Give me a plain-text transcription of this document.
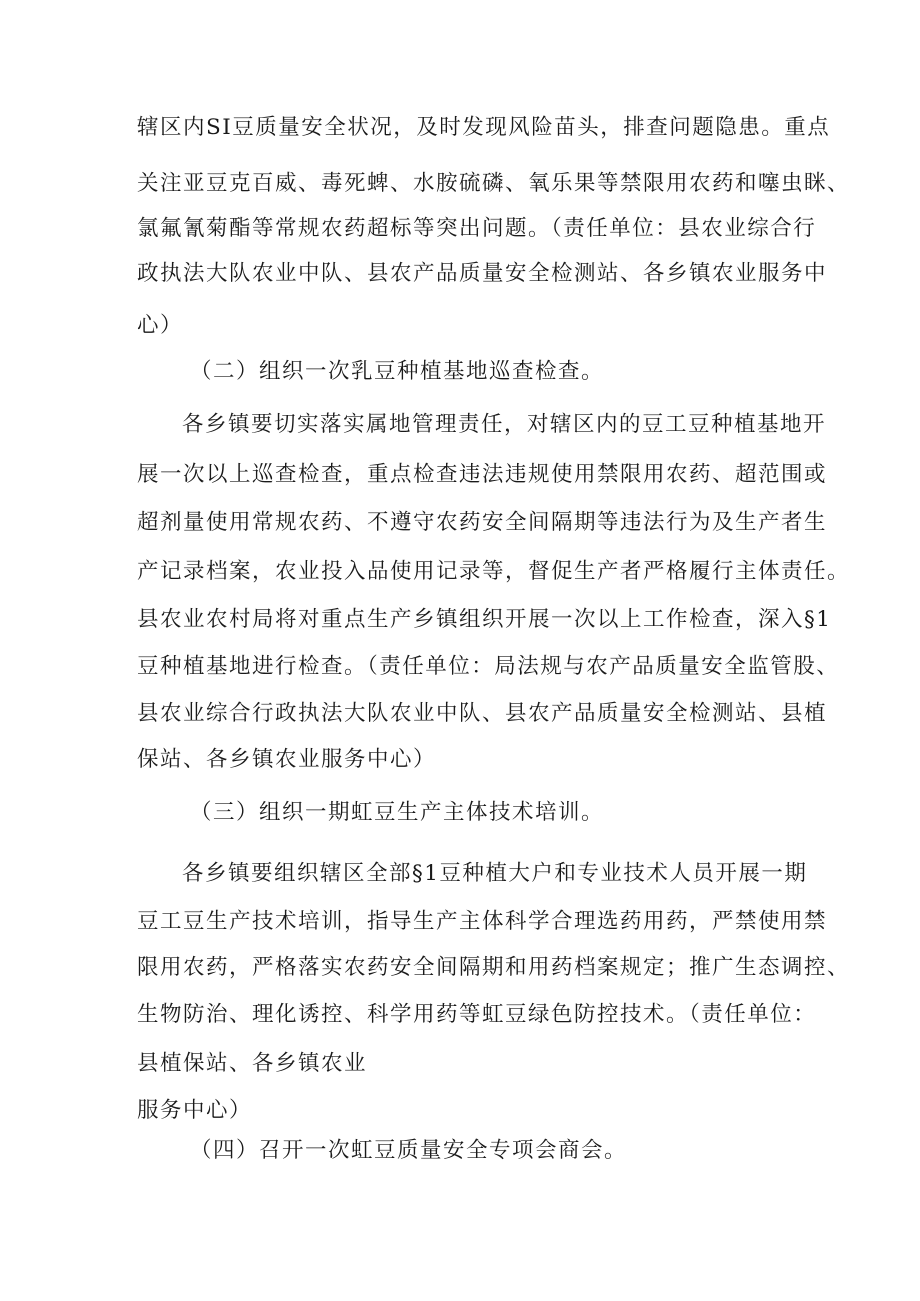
辖区内SI豆质量安全状况，及时发现风险苗头，排查问题隐患。重点
关注亚豆克百威、毒死蜱、水胺硫磷、氧乐果等禁限用农药和噻虫眯、
氯氟氰菊酯等常规农药超标等突出问题。（责任单位：县农业综合行
政执法大队农业中队、县农产品质量安全检测站、各乡镇农业服务中
心）
（二）组织一次乳豆种植基地巡查检查。
各乡镇要切实落实属地管理责任，对辖区内的豆工豆种植基地开
展一次以上巡查检查，重点检查违法违规使用禁限用农药、超范围或
超剂量使用常规农药、不遵守农药安全间隔期等违法行为及生产者生
产记录档案，农业投入品使用记录等，督促生产者严格履行主体责任。
县农业农村局将对重点生产乡镇组织开展一次以上工作检查，深入§1
豆种植基地进行检查。（责任单位：局法规与农产品质量安全监管股、
县农业综合行政执法大队农业中队、县农产品质量安全检测站、县植
保站、各乡镇农业服务中心）
（三）组织一期虹豆生产主体技术培训。
各乡镇要组织辖区全部§1豆种植大户和专业技术人员开展一期
豆工豆生产技术培训，指导生产主体科学合理选药用药，严禁使用禁
限用农药，严格落实农药安全间隔期和用药档案规定；推广生态调控、
生物防治、理化诱控、科学用药等虹豆绿色防控技术。（责任单位：
县植保站、各乡镇农业
服务中心）
（四）召开一次虹豆质量安全专项会商会。
